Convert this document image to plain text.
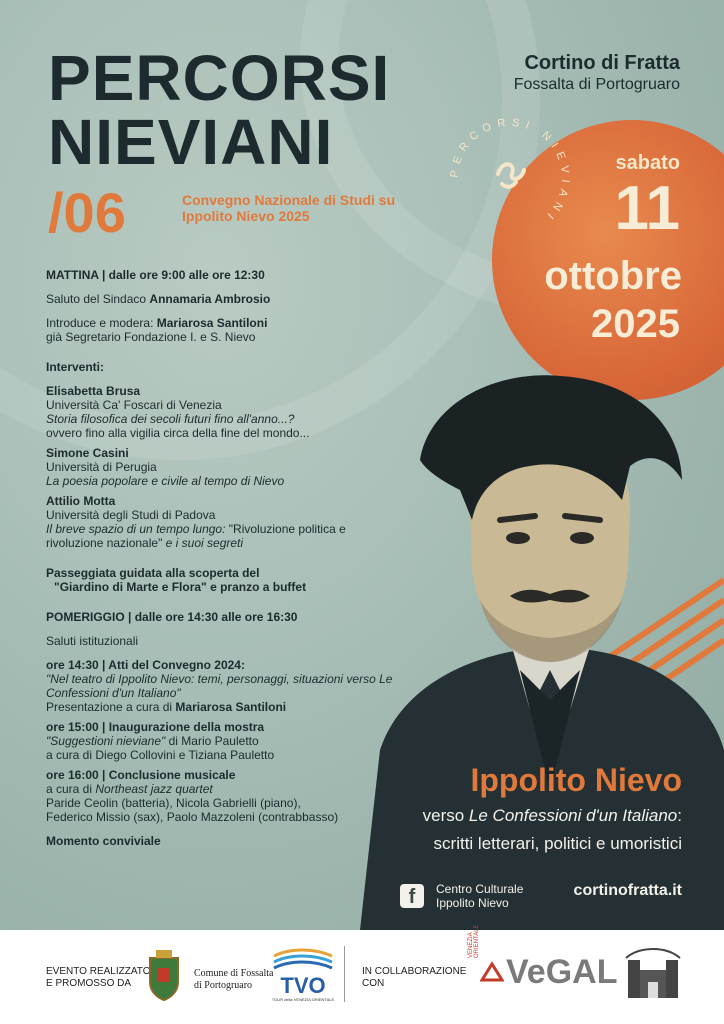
PERCORSI
NIEVIANI
/06	Convegno Nazionale di Studi su Ippolito Nievo 2025
Cortino di Fratta
Fossalta di Portogruaro
PERCORSI NIEVIANI
sabato
11
ottobre
2025

MATTINA | dalle ore 9:00 alle ore 12:30

Saluto del Sindaco Annamaria Ambrosio

Introduce e modera: Mariarosa Santiloni

già Segretario Fondazione I. e S. Nievo

Interventi:

Elisabetta Brusa

Università Ca' Foscari di Venezia

Storia filosofica dei secoli futuri fino all'anno...?

ovvero fino alla vigilia circa della fine del mondo...

Simone Casini

Università di Perugia

La poesia popolare e civile al tempo di Nievo

Attilio Motta

Università degli Studi di Padova

Il breve spazio di un tempo lungo: "Rivoluzione politica e rivoluzione nazionale" e i suoi segreti

Passeggiata guidata alla scoperta del

"Giardino di Marte e Flora" e pranzo a buffet

POMERIGGIO | dalle ore 14:30 alle ore 16:30

Saluti istituzionali

ore 14:30 | Atti del Convegno 2024:

"Nel teatro di Ippolito Nievo: temi, personaggi, situazioni verso Le Confessioni d'un Italiano"

Presentazione a cura di Mariarosa Santiloni

ore 15:00 | Inaugurazione della mostra

"Suggestioni nieviane" di Mario Pauletto

a cura di Diego Collovini e Tiziana Pauletto

ore 16:00 | Conclusione musicale

a cura di Northeast jazz quartet

Paride Ceolin (batteria), Nicola Gabrielli (piano), Federico Missio (sax), Paolo Mazzoleni (contrabbasso)

Momento conviviale

Ippolito Nievo
verso Le Confessioni d'un Italiano:
scritti letterari, politici e umoristici
f	Centro Culturale
Ippolito Nievo
cortinofratta.it
EVENTO REALIZZATO
E PROMOSSO DA
Comune di Fossalta
di Portogruaro	TVO
TOUR della VENEZIA ORIENTALE
IN COLLABORAZIONE
CON
VENEZIA ORIENTALE
VeGAL
